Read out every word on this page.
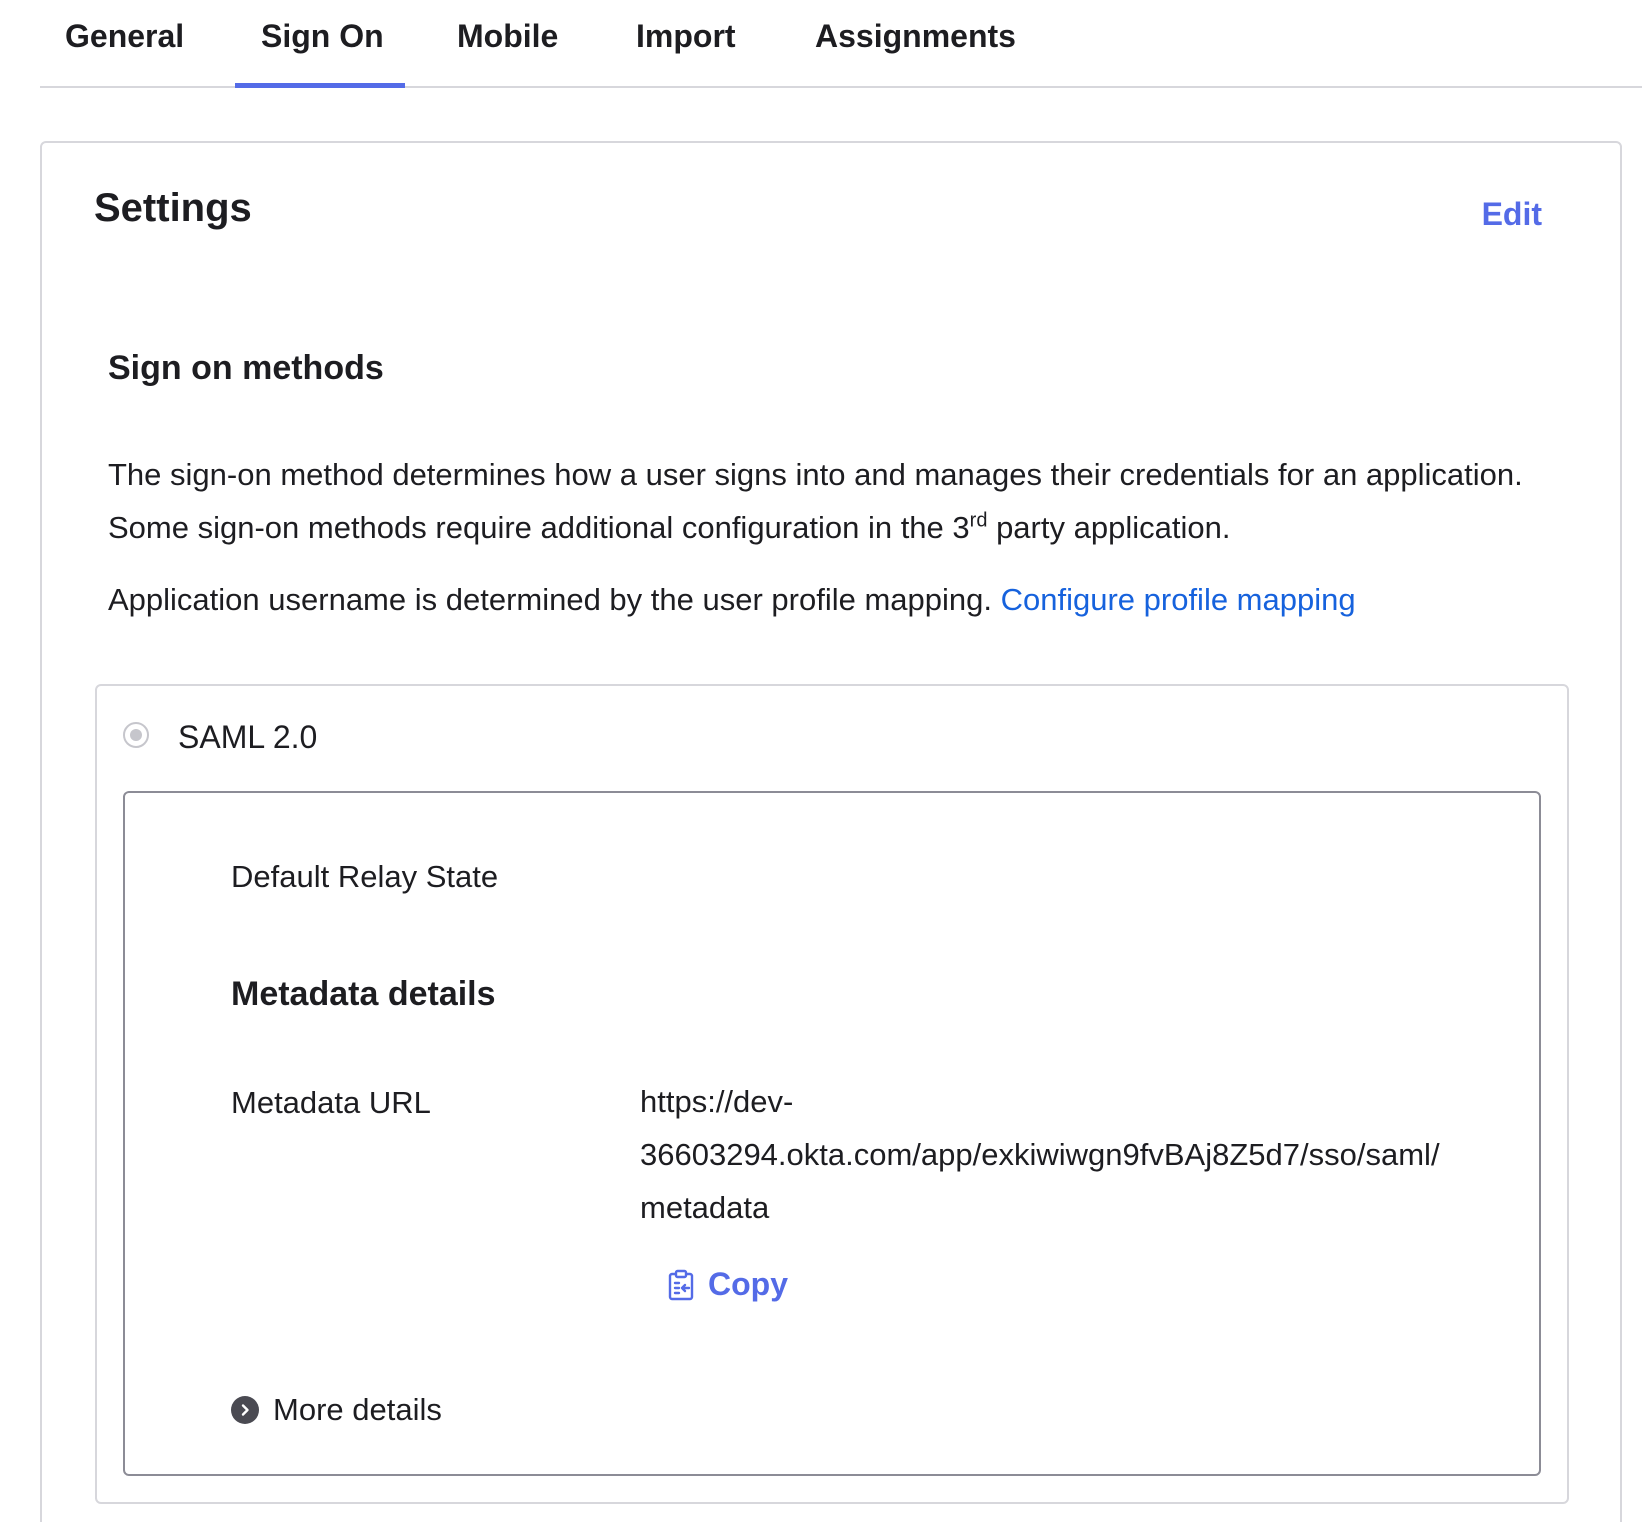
General Sign On Mobile Import Assignments
Settings	Edit
Sign on methods
The sign-on method determines how a user signs into and manages their credentials for an application. Some sign-on methods require additional configuration in the 3rd party application.
Application username is determined by the user profile mapping. Configure profile mapping
SAML 2.0
Default Relay State
Metadata details
Metadata URL	https://dev-36603294.okta.com/app/exkiwiwgn9fvBAj8Z5d7/sso/saml/metadata
Copy
More details
